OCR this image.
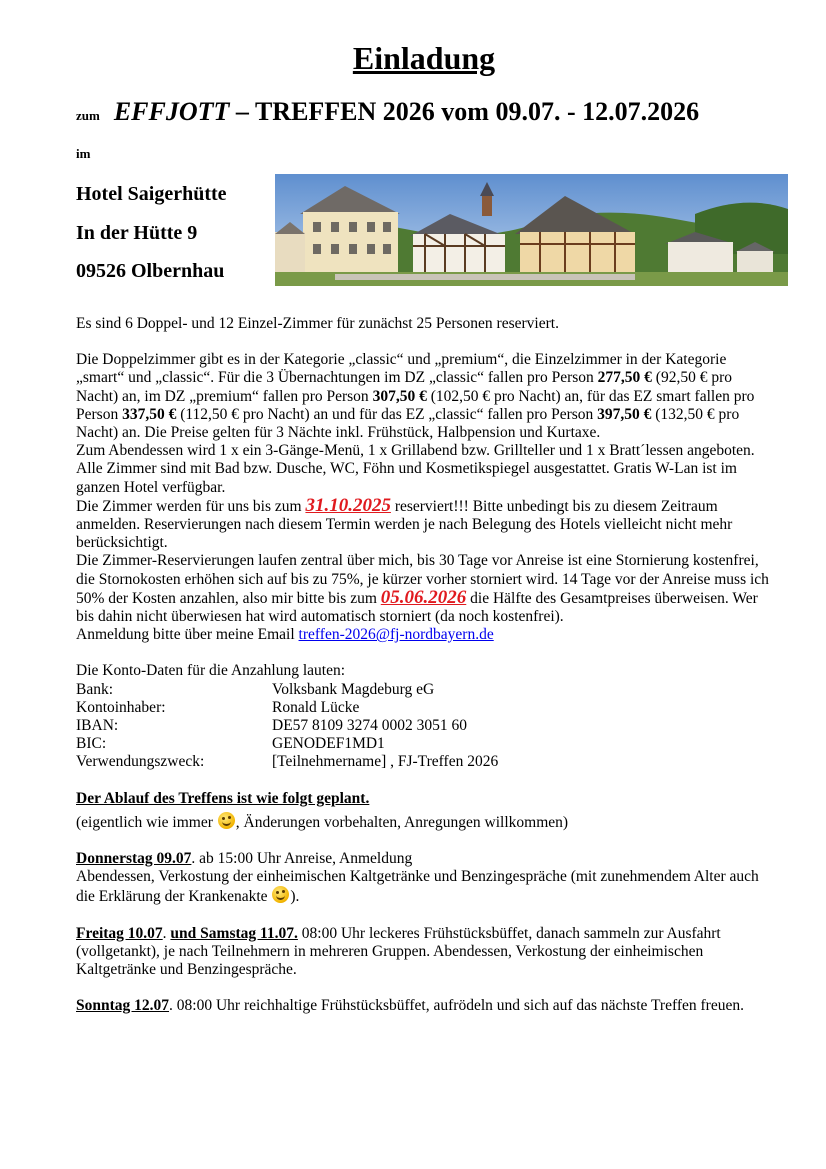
Einladung
zum EFFJOTT – TREFFEN 2026 vom 09.07. - 12.07.2026
im
Hotel Saigerhütte
In der Hütte 9
09526 Olbernhau

Es sind 6 Doppel- und 12 Einzel-Zimmer für zunächst 25 Personen reserviert.

Die Doppelzimmer gibt es in der Kategorie „classic“ und „premium“, die Einzelzimmer in der Kategorie „smart“ und „classic“. Für die 3 Übernachtungen im DZ „classic“ fallen pro Person 277,50 € (92,50 € pro Nacht) an, im DZ „premium“ fallen pro Person 307,50 € (102,50 € pro Nacht) an, für das EZ smart fallen pro Person 337,50 € (112,50 € pro Nacht) an und für das EZ „classic“ fallen pro Person 397,50 € (132,50 € pro Nacht) an. Die Preise gelten für 3 Nächte inkl. Frühstück, Halbpension und Kurtaxe.

Zum Abendessen wird 1 x ein 3-Gänge-Menü, 1 x Grillabend bzw. Grillteller und 1 x Bratt´lessen angeboten.

Alle Zimmer sind mit Bad bzw. Dusche, WC, Föhn und Kosmetikspiegel ausgestattet. Gratis W-Lan ist im ganzen Hotel verfügbar.

Die Zimmer werden für uns bis zum 31.10.2025 reserviert!!! Bitte unbedingt bis zu diesem Zeitraum anmelden. Reservierungen nach diesem Termin werden je nach Belegung des Hotels vielleicht nicht mehr berücksichtigt.

Die Zimmer-Reservierungen laufen zentral über mich, bis 30 Tage vor Anreise ist eine Stornierung kostenfrei, die Stornokosten erhöhen sich auf bis zu 75%, je kürzer vorher storniert wird. 14 Tage vor der Anreise muss ich 50% der Kosten anzahlen, also mir bitte bis zum 05.06.2026 die Hälfte des Gesamtpreises überweisen. Wer bis dahin nicht überwiesen hat wird automatisch storniert (da noch kostenfrei).

Anmeldung bitte über meine Email treffen-2026@fj-nordbayern.de

Die Konto-Daten für die Anzahlung lauten:

Bank:	Volksbank Magdeburg eG
Kontoinhaber:	Ronald Lücke
IBAN:	DE57 8109 3274 0002 3051 60
BIC:	GENODEF1MD1
Verwendungszweck:	[Teilnehmername] , FJ-Treffen 2026

Der Ablauf des Treffens ist wie folgt geplant.

(eigentlich wie immer , Änderungen vorbehalten, Anregungen willkommen)

Donnerstag 09.07. ab 15:00 Uhr Anreise, Anmeldung
Abendessen, Verkostung der einheimischen Kaltgetränke und Benzingespräche (mit zunehmendem Alter auch die Erklärung der Krankenakte ).

Freitag 10.07. und Samstag 11.07. 08:00 Uhr leckeres Frühstücksbüffet, danach sammeln zur Ausfahrt (vollgetankt), je nach Teilnehmern in mehreren Gruppen. Abendessen, Verkostung der einheimischen Kaltgetränke und Benzingespräche.

Sonntag 12.07. 08:00 Uhr reichhaltige Frühstücksbüffet, aufrödeln und sich auf das nächste Treffen freuen.
